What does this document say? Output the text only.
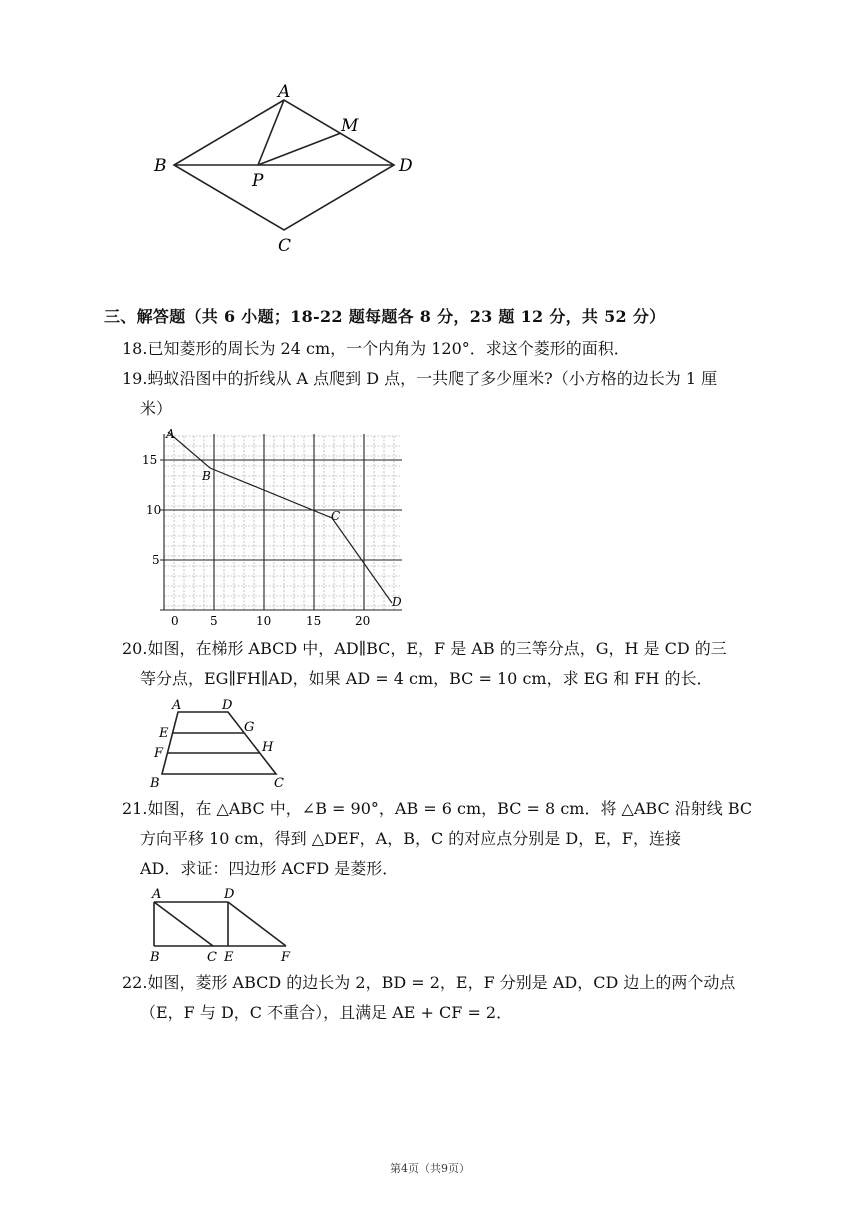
A
B
C
D
M
P
三、解答题（共 6 小题；18-22 题每题各 8 分，23 题 12 分，共 52 分）
18.已知菱形的周长为 24 cm，一个内角为 120°．求这个菱形的面积．
19.蚂蚁沿图中的折线从 A 点爬到 D 点，一共爬了多少厘米?（小方格的边长为 1 厘
米）
15
10
5
0	5	10	15	20
A
B
C
D
20.如图，在梯形 ABCD 中，AD∥BC，E，F 是 AB 的三等分点，G，H 是 CD 的三
等分点，EG∥FH∥AD，如果 AD = 4 cm，BC = 10 cm，求 EG 和 FH 的长．
A	D
E	G
F	H
B	C
21.如图，在 △ABC 中，∠B = 90°，AB = 6 cm，BC = 8 cm．将 △ABC 沿射线 BC
方向平移 10 cm，得到 △DEF，A，B，C 的对应点分别是 D，E，F，连接
AD．求证：四边形 ACFD 是菱形．
A	D
B	C E	F
22.如图，菱形 ABCD 的边长为 2，BD = 2，E，F 分别是 AD，CD 边上的两个动点
（E，F 与 D，C 不重合），且满足 AE + CF = 2．
第4页（共9页）
